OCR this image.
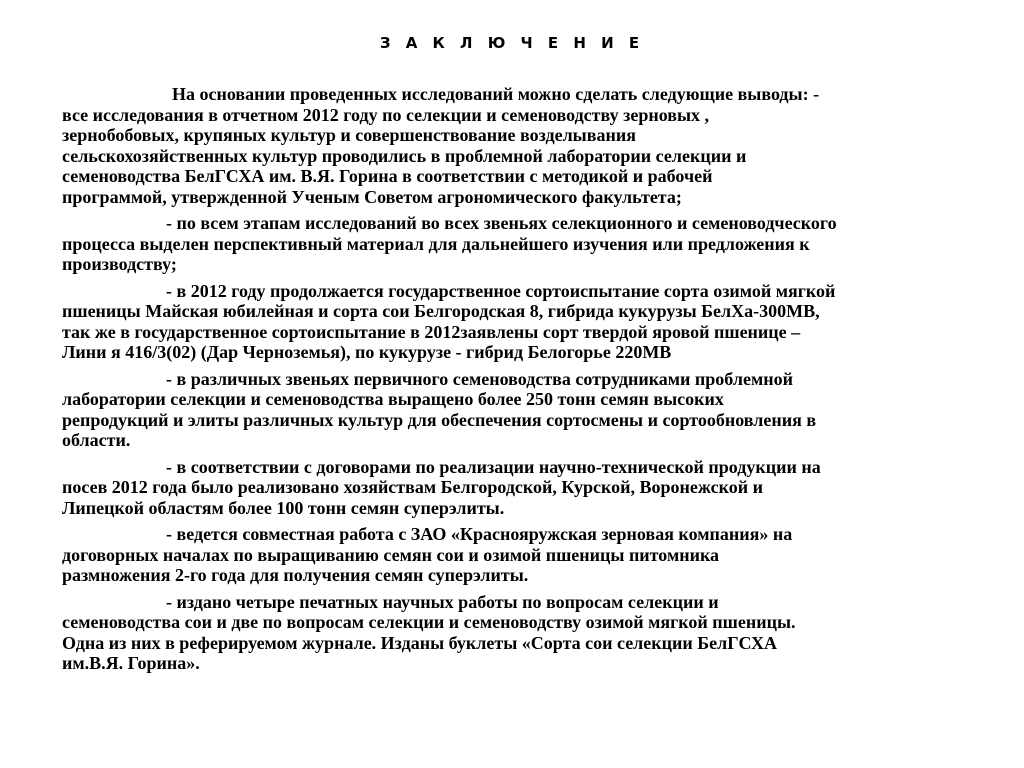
З А К Л Ю Ч Е Н И Е

На основании проведенных исследований можно сделать следующие выводы: -
все исследования в отчетном 2012 году по селекции и семеноводству зерновых ,
зернобобовых, крупяных культур и совершенствование возделывания
сельскохозяйственных культур проводились в проблемной лаборатории селекции и
семеноводства БелГСХА им. В.Я. Горина в соответствии с методикой и рабочей
программой, утвержденной Ученым Советом агрономического факультета;

- по всем этапам исследований во всех звеньях селекционного и семеноводческого
процесса выделен перспективный материал для дальнейшего изучения или предложения к
производству;

- в 2012 году продолжается государственное сортоиспытание сорта озимой мягкой
пшеницы Майская юбилейная и сорта сои Белгородская 8, гибрида кукурузы БелХа-300МВ,
так же в государственное сортоиспытание в 2012заявлены сорт твердой яровой пшенице –
Лини я 416/3(02) (Дар Черноземья), по кукурузе - гибрид Белогорье 220МВ

- в различных звеньях первичного семеноводства сотрудниками проблемной
лаборатории селекции и семеноводства выращено более 250 тонн семян высоких
репродукций и элиты различных культур для обеспечения сортосмены и сортообновления в
области.

- в соответствии с договорами по реализации научно-технической продукции на
посев 2012 года было реализовано хозяйствам Белгородской, Курской, Воронежской и
Липецкой областям более 100 тонн семян суперэлиты.

- ведется совместная работа с ЗАО «Краснояружская зерновая компания» на
договорных началах по выращиванию семян сои и озимой пшеницы питомника
размножения 2-го года для получения семян суперэлиты.

- издано четыре печатных научных работы по вопросам селекции и
семеноводства сои и две по вопросам селекции и семеноводству озимой мягкой пшеницы.
Одна из них в реферируемом журнале. Изданы буклеты «Сорта сои селекции БелГСХА
им.В.Я. Горина».
